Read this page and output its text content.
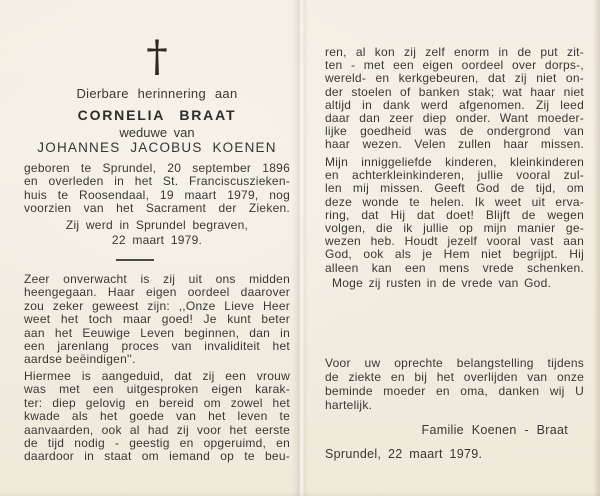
†
Dierbare herinnering aan
CORNELIA BRAAT
weduwe van
JOHANNES JACOBUS KOENEN
geboren te Sprundel, 20 september 1896
en overleden in het St. Franciscuszieken-
huis te Roosendaal, 19 maart 1979, nog
voorzien van het Sacrament der Zieken.
Zij werd in Sprundel begraven,
22 maart 1979.
Zeer onverwacht is zij uit ons midden
heengegaan. Haar eigen oordeel daarover
zou zeker geweest zijn: ,,Onze Lieve Heer
weet het toch maar goed! Je kunt beter
aan het Eeuwige Leven beginnen, dan in
een jarenlang proces van invaliditeit het
aardse beëindigen''.
Hiermee is aangeduid, dat zij een vrouw
was met een uitgesproken eigen karak-
ter: diep gelovig en bereid om zowel het
kwade als het goede van het leven te
aanvaarden, ook al had zij voor het eerste
de tijd nodig - geestig en opgeruimd, en
daardoor in staat om iemand op te beu-
ren, al kon zij zelf enorm in de put zit-
ten - met een eigen oordeel over dorps-,
wereld- en kerkgebeuren, dat zij niet on-
der stoelen of banken stak; wat haar niet
altijd in dank werd afgenomen. Zij leed
daar dan zeer diep onder. Want moeder-
lijke goedheid was de ondergrond van
haar wezen. Velen zullen haar missen.
Mijn inniggeliefde kinderen, kleinkinderen
en achterkleinkinderen, jullie vooral zul-
len mij missen. Geeft God de tijd, om
deze wonde te helen. Ik weet uit erva-
ring, dat Hij dat doet! Blijft de wegen
volgen, die ik jullie op mijn manier ge-
wezen heb. Houdt jezelf vooral vast aan
God, ook als je Hem niet begrijpt. Hij
alleen kan een mens vrede schenken.
Moge zij rusten in de vrede van God.
Voor uw oprechte belangstelling tijdens
de ziekte en bij het overlijden van onze
beminde moeder en oma, danken wij U
hartelijk.
Familie Koenen - Braat
Sprundel, 22 maart 1979.
